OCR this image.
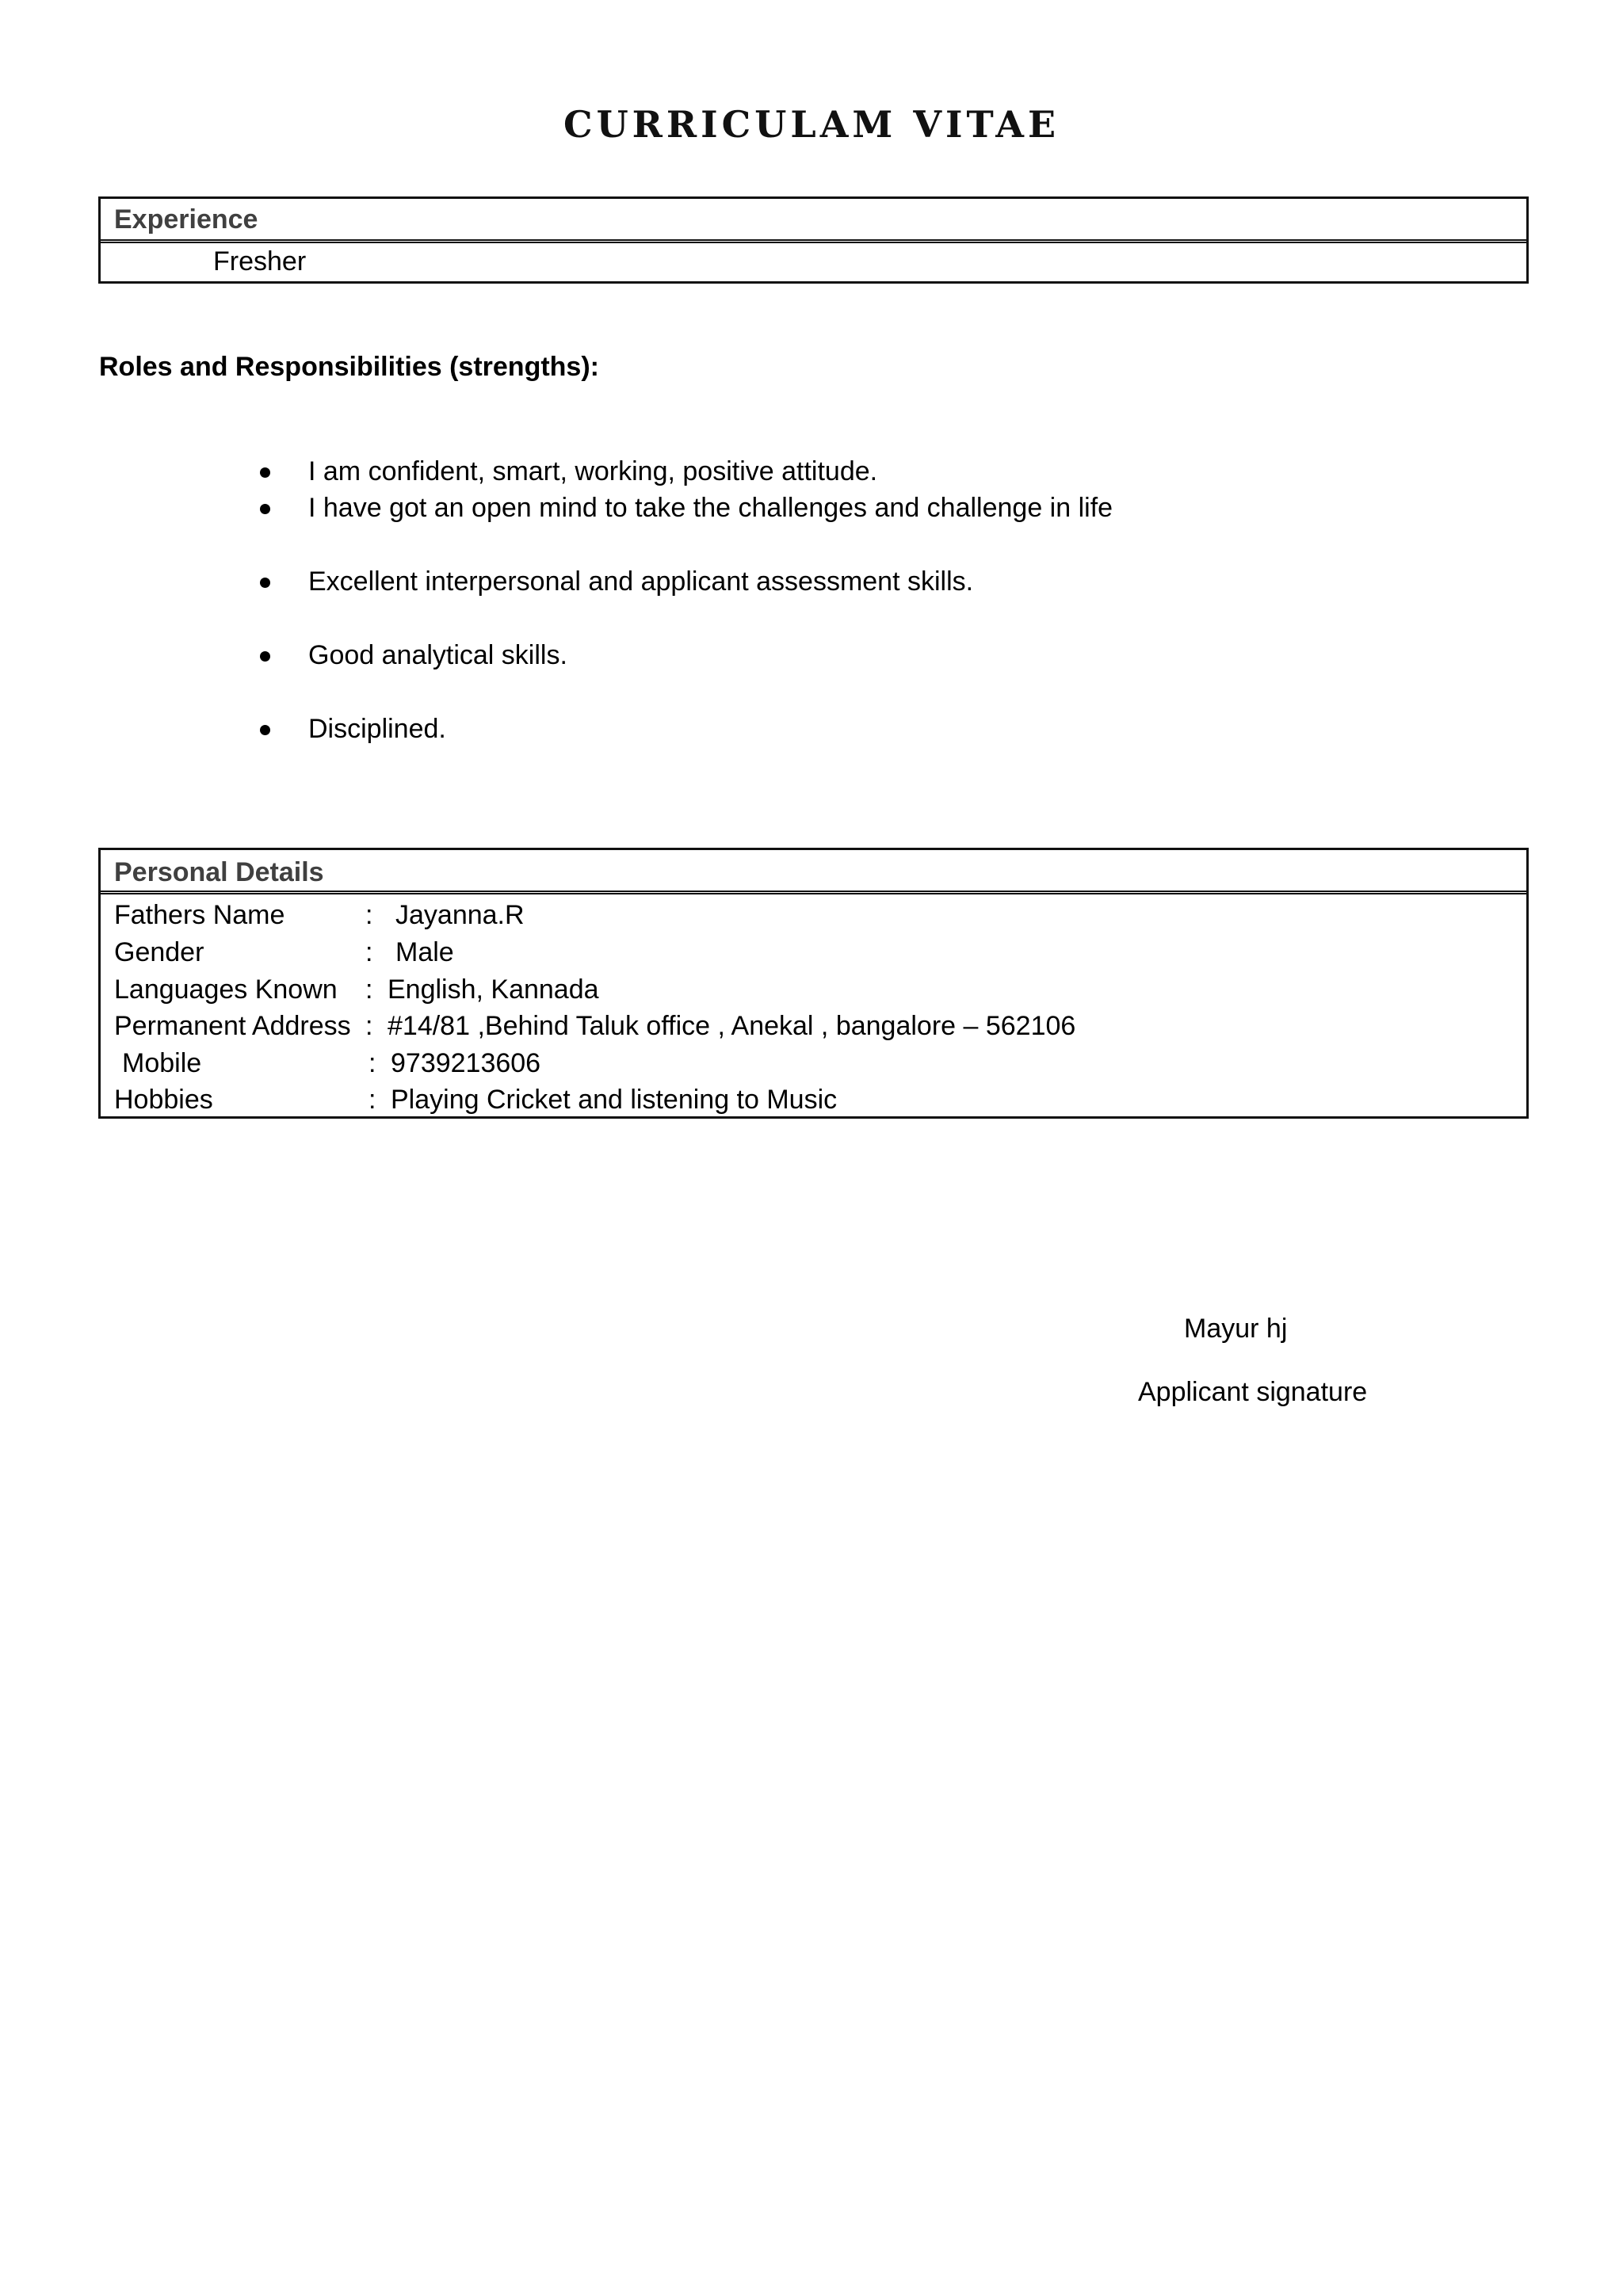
CURRICULAM VITAE
Experience
Fresher
Roles and Responsibilities (strengths):
I am confident, smart, working, positive attitude.
I have got an open mind to take the challenges and challenge in life
Excellent interpersonal and applicant assessment skills.
Good analytical skills.
Disciplined.
Personal Details
Fathers Name	: Jayanna.R
Gender	: Male
Languages Known : English, Kannada
Permanent Address : #14/81 ,Behind Taluk office , Anekal , bangalore – 562106
Mobile	: 9739213606
Hobbies	: Playing Cricket and listening to Music
Mayur hj
Applicant signature
